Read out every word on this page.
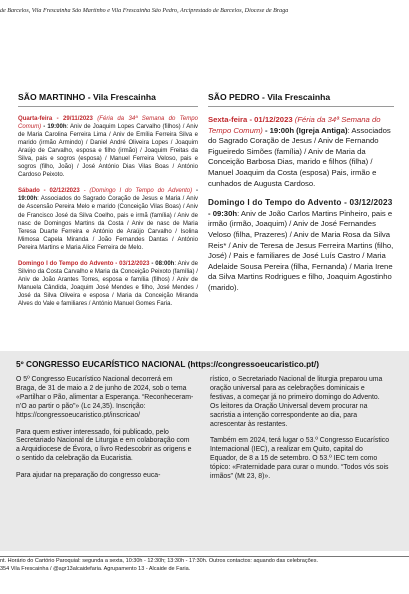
de Barcelos, Vila Frescainha São Martinho e Vila Frescainha São Pedro, Arciprestado de Barcelos, Diocese de Braga
SÃO MARTINHO - Vila Frescainha	SÃO PEDRO - Vila Frescainha

Quarta-feira - 29/11/2023 (Féria da 34ª Semana do Tempo Comum) - 19:00h: Aniv de Joaquim Lopes Carvalho (filhos) / Aniv de Maria Carolina Ferreira Lima / Aniv de Emília Ferreira Silva e marido (irmão Armindo) / Daniel André Oliveira Lopes / Joaquim Araújo de Carvalho, esposa e filho (irmão) / Joaquim Freitas da Silva, pais e sogros (esposa) / Manuel Ferreira Veloso, pais e sogros (filho, João) / José António Dias Vilas Boas / António Cardoso Peixoto.

Sábado - 02/12/2023 - (Domingo I do Tempo do Advento) - 19:00h: Associados do Sagrado Coração de Jesus e Maria / Aniv de Ascensão Pereira Melo e marido (Conceição Vilas Boas) / Aniv de Francisco José da Silva Coelho, pais e irmã (família) / Aniv de nasc de Domingos Martins da Costa / Aniv de nasc de Maria Teresa Duarte Ferreira e António de Araújo Carvalho / Isolina Mimosa Capela Miranda / João Fernandes Dantas / António Pereira Martins e Maria Alice Ferreira de Melo.

Domingo I do Tempo do Advento - 03/12/2023 - 08:00h: Aniv de Silvino da Costa Carvalho e Maria da Conceição Peixoto (família) / Aniv de João Arantes Torres, esposa e família (filhos) / Aniv de Manuela Cândida, Joaquim José Mendes e filho, José Mendes / José da Silva Oliveira e esposa / Maria da Conceição Miranda Alves do Vale e familiares / António Manuel Gomes Faria.

Sexta-feira - 01/12/2023 (Féria da 34ª Semana do Tempo Comum) - 19:00h (Igreja Antiga): Associados do Sagrado Coração de Jesus / Aniv de Fernando Figueiredo Simões (família) / Aniv de Maria da Conceição Barbosa Dias, marido e filhos (filha) / Manuel Joaquim da Costa (esposa) Pais, irmão e cunhados de Augusta Cardoso.

Domingo I do Tempo do Advento - 03/12/2023
- 09:30h: Aniv de João Carlos Martins Pinheiro, pais e irmão (irmão, Joaquim) / Aniv de José Fernandes Veloso (filha, Prazeres) / Aniv de Maria Rosa da Silva Reis* / Aniv de Teresa de Jesus Ferreira Martins (filho, José) / Pais e familiares de José Luís Castro / Maria Adelaide Sousa Pereira (filha, Fernanda) / Maria Irene da Silva Martins Rodrigues e filho, Joaquim Agostinho (marido).

5º CONGRESSO EUCARÍSTICO NACIONAL (https://congressoeucaristico.pt/)

O 5º Congresso Eucarístico Nacional decorrerá em Braga, de 31 de maio a 2 de junho de 2024, sob o tema «Partilhar o Pão, alimentar a Esperança. “Reconheceram-n’O ao partir o pão”» (Lc 24,35). Inscrição: https://congressoeucaristico.pt/inscricao/

Para quem estiver interessado, foi publicado, pelo Secretariado Nacional de Liturgia e em colaboração com a Arquidiocese de Évora, o livro Redescobrir as origens e o sentido da celebração da Eucaristia.

Para ajudar na preparação do congresso euca-

rístico, o Secretariado Nacional de liturgia preparou uma oração universal para as celebrações dominicais e festivas, a começar já no primeiro domingo do Advento. Os leitores da Oração Universal devem procurar na sacristia a intenção correspondente ao dia, para acrescentar às restantes.

Também em 2024, terá lugar o 53.º Congresso Eucarístico Internacional (IEC), a realizar em Quito, capital do Equador, de 8 a 15 de setembro. O 53.º IEC tem como tópico: «Fraternidade para curar o mundo. “Todos vós sois irmãos” (Mt 23, 8)».

nt. Horário do Cartório Paroquial: segunda a sexta, 10:30h - 12:30h; 13:30h - 17:30h. Outros contactos: aquando das celebrações.
354 Vila Frescainha / @agr13alcaidefaria. Agrupamento 13 - Alcaide de Faria.
